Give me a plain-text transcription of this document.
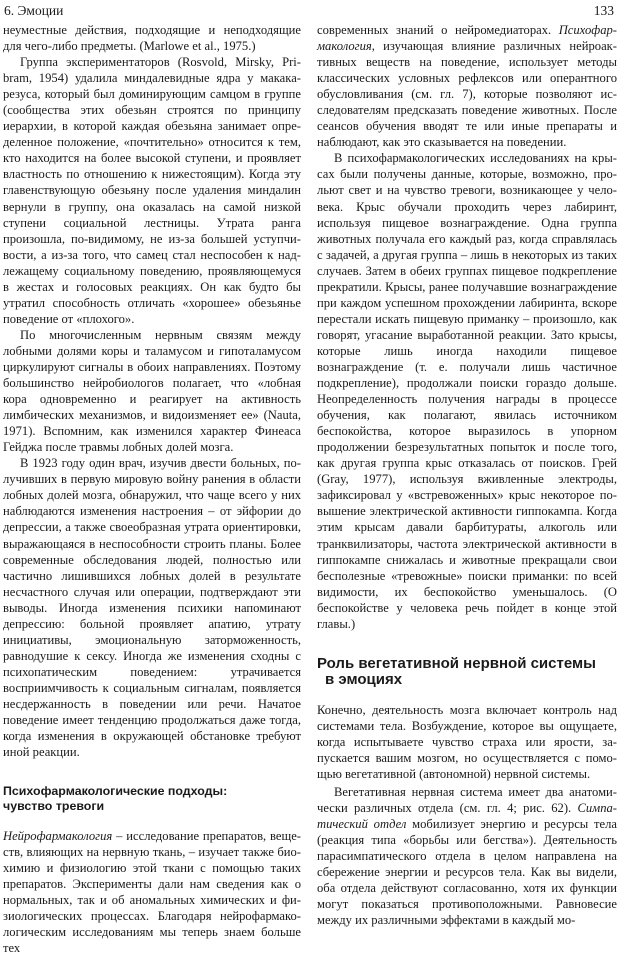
6. Эмоции	133

неуместные действия, подходящие и неподходящие для чего-либо предметы. (Marlowe et al., 1975.)

Группа экспериментаторов (Rosvold, Mirsky, Pribram, 1954) удалила миндалевидные ядра у макака-резуса, который был доминирующим самцом в группе (сообщества этих обезьян строятся по принципу иерархии, в которой каждая обезьяна занимает определенное положение, «почтительно» относится к тем, кто находится на более высокой ступени, и проявляет властность по отношению к нижестоящим). Когда эту главенствующую обезьяну после удаления миндалин вернули в группу, она оказалась на самой низкой ступени социальной лестницы. Утрата ранга произошла, по-видимому, не из-за большей уступчивости, а из-за того, что самец стал неспособен к надлежащему социальному поведению, проявляющемуся в жестах и голосовых реакциях. Он как будто бы утратил способность отличать «хорошее» обезьяньe поведение от «плохого».

По многочисленным нервным связям между лобными долями коры и таламусом и гипоталамусом циркулируют сигналы в обоих направлениях. Поэтому большинство нейробиологов полагает, что «лобная кора одновременно и реагирует на активность лимбических механизмов, и видоизменяет ее» (Nauta, 1971). Вспомним, как изменился характер Финеаса Гейджа после травмы лобных долей мозга.

В 1923 году один врач, изучив двести больных, получивших в первую мировую войну ранения в области лобных долей мозга, обнаружил, что чаще всего у них наблюдаются изменения настроения – от эйфории до депрессии, а также своеобразная утрата ориентировки, выражающаяся в неспособности строить планы. Более современные обследования людей, полностью или частично лишившихся лобных долей в результате несчастного случая или операции, подтверждают эти выводы. Иногда изменения психики напоминают депрессию: больной проявляет апатию, утрату инициативы, эмоциональную заторможенность, равнодушие к сексу. Иногда же изменения сходны с психопатическим поведением: утрачивается восприимчивость к социальным сигналам, появляется несдержанность в поведении или речи. Начатое поведение имеет тенденцию продолжаться даже тогда, когда изменения в окружающей обстановке требуют иной реакции.

Психофармакологические подходы:
чувство тревоги

Нейрофармакология – исследование препаратов, веществ, влияющих на нервную ткань, – изучает также биохимию и физиологию этой ткани с помощью таких препаратов. Эксперименты дали нам сведения как о нормальных, так и об аномальных химических и физиологических процессах. Благодаря нейрофармакологическим исследованиям мы теперь знаем больше тех

современных знаний о нейромедиаторах. Психофармакология, изучающая влияние различных нейроактивных веществ на поведение, использует методы классических условных рефлексов или оперантного обусловливания (см. гл. 7), которые позволяют исследователям предсказать поведение животных. После сеансов обучения вводят те или иные препараты и наблюдают, как это сказывается на поведении.

В психофармакологических исследованиях на крысах были получены данные, которые, возможно, прольют свет и на чувство тревоги, возникающее у человека. Крыс обучали проходить через лабиринт, используя пищевое вознаграждение. Одна группа животных получала его каждый раз, когда справлялась с задачей, а другая группа – лишь в некоторых из таких случаев. Затем в обеих группах пищевое подкрепление прекратили. Крысы, ранее получавшие вознаграждение при каждом успешном прохождении лабиринта, вскоре перестали искать пищевую приманку – произошло, как говорят, угасание выработанной реакции. Зато крысы, которые лишь иногда находили пищевое вознаграждение (т. е. получали лишь частичное подкрепление), продолжали поиски гораздо дольше. Неопределенность получения награды в процессе обучения, как полагают, явилась источником беспокойства, которое выразилось в упорном продолжении безрезультатных попыток и после того, как другая группа крыс отказалась от поисков. Грей (Gray, 1977), используя вживленные электроды, зафиксировал у «встревоженных» крыс некоторое повышение электрической активности гиппокампа. Когда этим крысам давали барбитураты, алкоголь или транквилизаторы, частота электрической активности в гиппокампе снижалась и животные прекращали свои бесполезные «тревожные» поиски приманки: по всей видимости, их беспокойство уменьшалось. (О беспокойстве у человека речь пойдет в конце этой главы.)

Роль вегетативной нервной системы
в эмоциях

Конечно, деятельность мозга включает контроль над системами тела. Возбуждение, которое вы ощущаете, когда испытываете чувство страха или ярости, запускается вашим мозгом, но осуществляется с помощью вегетативной (автономной) нервной системы.

Вегетативная нервная система имеет два анатомически различных отдела (см. гл. 4; рис. 62). Симпатический отдел мобилизует энергию и ресурсы тела (реакция типа «борьбы или бегства»). Деятельность парасимпатического отдела в целом направлена на сбережение энергии и ресурсов тела. Как вы видели, оба отдела действуют согласованно, хотя их функции могут показаться противоположными. Равновесие между их различными эффектами в каждый мо-
